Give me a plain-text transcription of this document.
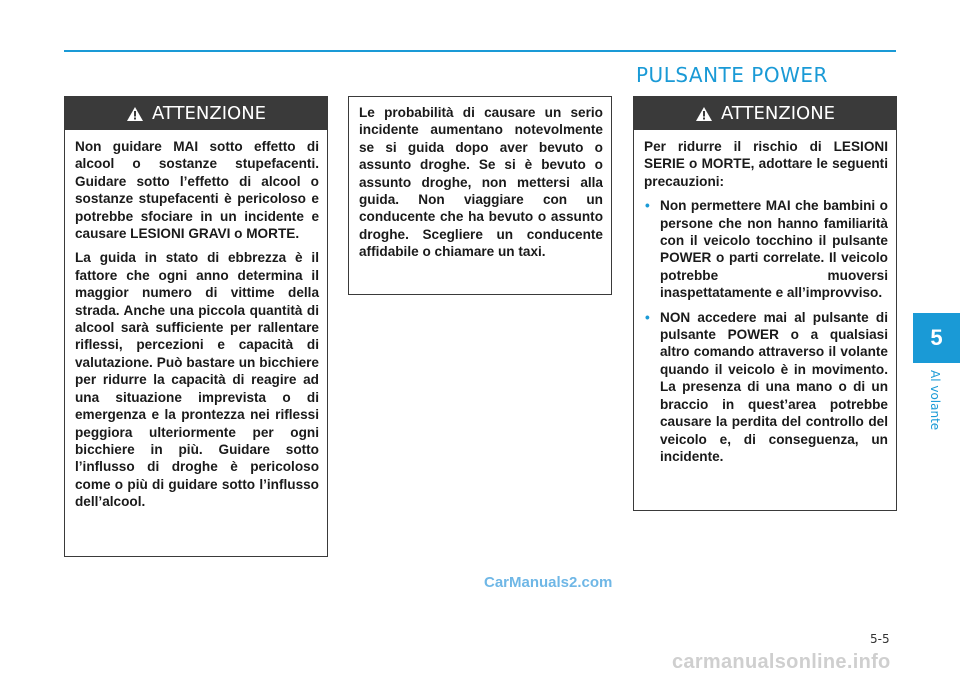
PULSANTE POWER
5
Al volante
ATTENZIONE

Non guidare MAI sotto effetto di alcool o sostanze stupefacenti. Guidare sotto l’effetto di alcool o sostanze stupefacenti è pericoloso e potrebbe sfociare in un incidente e causare LESIONI GRAVI o MORTE.

La guida in stato di ebbrezza è il fattore che ogni anno determina il maggior numero di vittime della strada. Anche una piccola quantità di alcool sarà sufficiente per rallentare riflessi, percezioni e capacità di valutazione. Può bastare un bicchiere per ridurre la capacità di reagire ad una situazione imprevista o di emergenza e la prontezza nei riflessi peggiora ulteriormente per ogni bicchiere in più. Guidare sotto l’influsso di droghe è pericoloso come o più di guidare sotto l’influsso dell’alcool.

Le probabilità di causare un serio incidente aumentano notevolmente se si guida dopo aver bevuto o assunto droghe. Se si è bevuto o assunto droghe, non mettersi alla guida. Non viaggiare con un conducente che ha bevuto o assunto droghe. Scegliere un conducente affidabile o chiamare un taxi.

ATTENZIONE

Per ridurre il rischio di LESIONI SERIE o MORTE, adottare le seguenti precauzioni:

• Non permettere MAI che bambini o persone che non hanno familiarità con il veicolo tocchino il pulsante POWER o parti correlate. Il veicolo potrebbe muoversi inaspettatamente e all’improvviso.
• NON accedere mai al pulsante di pulsante POWER o a qualsiasi altro comando attraverso il volante quando il veicolo è in movimento. La presenza di una mano o di un braccio in quest’area potrebbe causare la perdita del controllo del veicolo e, di conseguenza, un incidente.
CarManuals2.com
5-5
carmanualsonline.info
